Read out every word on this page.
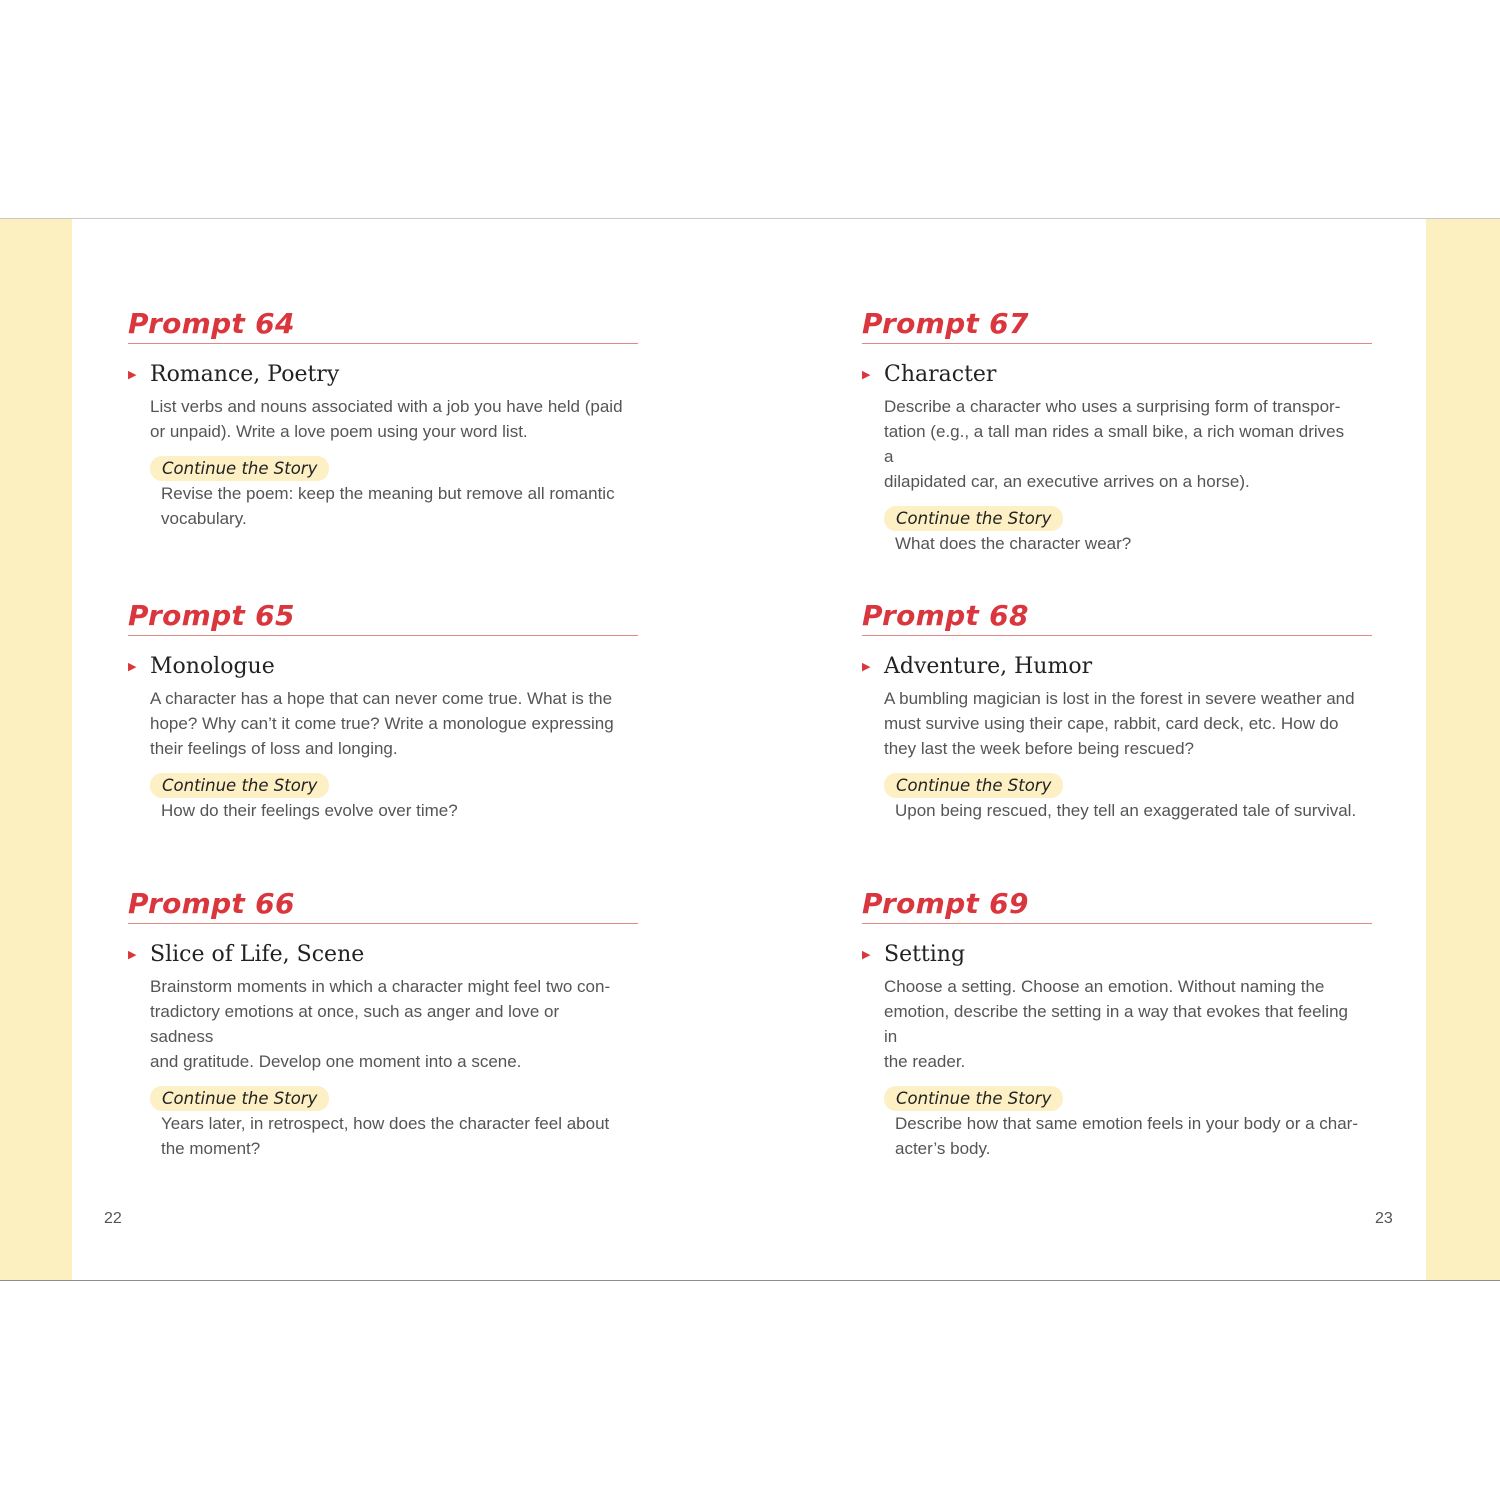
Prompt 64
▶ Romance, Poetry
List verbs and nouns associated with a job you have held (paid
or unpaid). Write a love poem using your word list.
Continue the Story
Revise the poem: keep the meaning but remove all romantic
vocabulary.
Prompt 65
▶ Monologue
A character has a hope that can never come true. What is the
hope? Why can’t it come true? Write a monologue expressing
their feelings of loss and longing.
Continue the Story
How do their feelings evolve over time?
Prompt 66
▶ Slice of Life, Scene
Brainstorm moments in which a character might feel two con-
tradictory emotions at once, such as anger and love or sadness
and gratitude. Develop one moment into a scene.
Continue the Story
Years later, in retrospect, how does the character feel about
the moment?
Prompt 67
▶ Character
Describe a character who uses a surprising form of transpor-
tation (e.g., a tall man rides a small bike, a rich woman drives a
dilapidated car, an executive arrives on a horse).
Continue the Story
What does the character wear?
Prompt 68
▶ Adventure, Humor
A bumbling magician is lost in the forest in severe weather and
must survive using their cape, rabbit, card deck, etc. How do
they last the week before being rescued?
Continue the Story
Upon being rescued, they tell an exaggerated tale of survival.
Prompt 69
▶ Setting
Choose a setting. Choose an emotion. Without naming the
emotion, describe the setting in a way that evokes that feeling in
the reader.
Continue the Story
Describe how that same emotion feels in your body or a char-
acter’s body.
22	23
